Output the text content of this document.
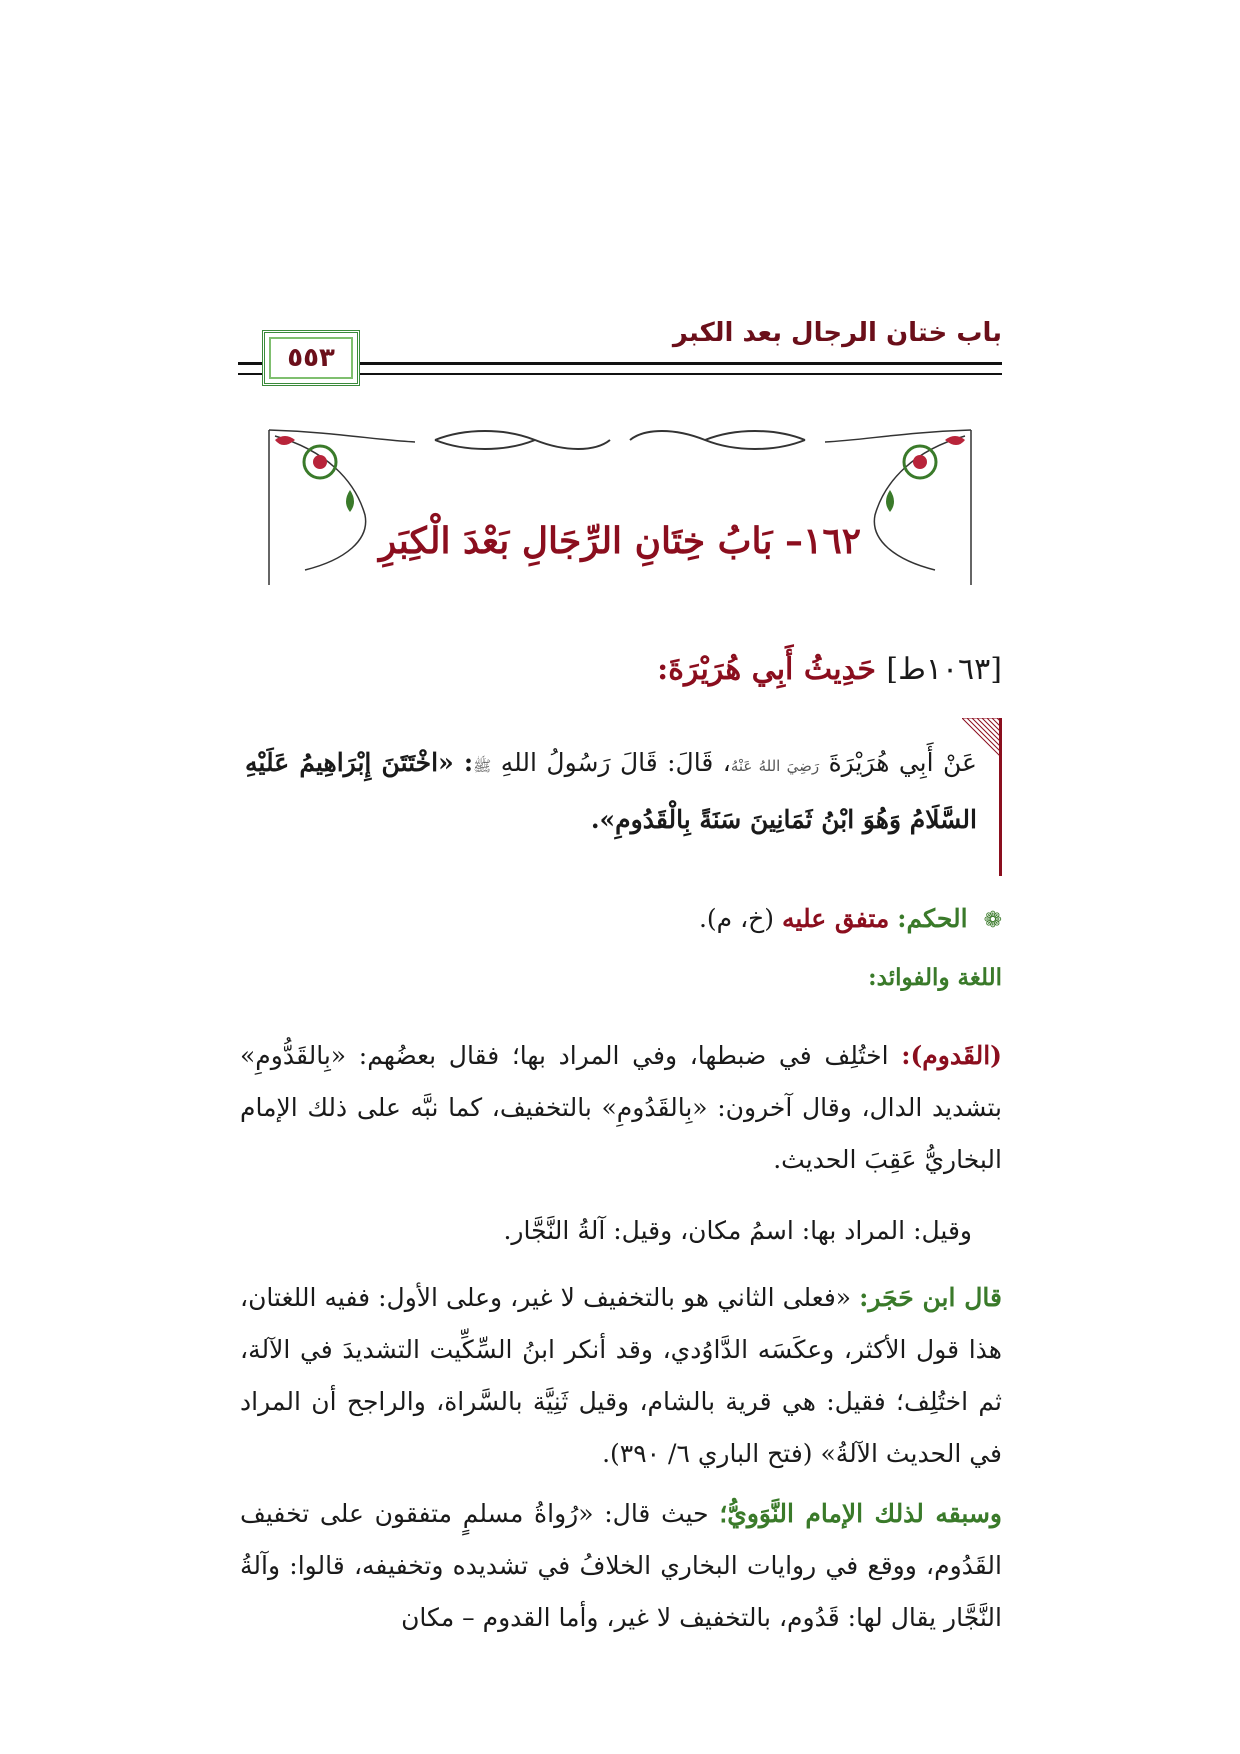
باب ختان الرجال بعد الكبر
٥٥٣
١٦٢– بَابُ خِتَانِ الرِّجَالِ بَعْدَ الْكِبَرِ
[١٠٦٣ط] حَدِيثُ أَبِي هُرَيْرَةَ:
عَنْ أَبِي هُرَيْرَةَ رَضِيَ اللهُ عَنْهُ، قَالَ: قَالَ رَسُولُ اللهِ ﷺ: «اخْتَتَنَ إِبْرَاهِيمُ عَلَيْهِ السَّلَامُ وَهُوَ ابْنُ ثَمَانِينَ سَنَةً بِالْقَدُومِ».
❁ الحكم: متفق عليه (خ، م).
اللغة والفوائد:
(القَدوم): اختُلِف في ضبطها، وفي المراد بها؛ فقال بعضُهم: «بِالقَدُّومِ» بتشديد الدال، وقال آخرون: «بِالقَدُومِ» بالتخفيف، كما نبَّه على ذلك الإمام البخاريُّ عَقِبَ الحديث.
وقيل: المراد بها: اسمُ مكان، وقيل: آلةُ النَّجَّار.
قال ابن حَجَر: «فعلى الثاني هو بالتخفيف لا غير، وعلى الأول: ففيه اللغتان، هذا قول الأكثر، وعكَسَه الدَّاوُدي، وقد أنكر ابنُ السِّكِّيت التشديدَ في الآلة، ثم اختُلِف؛ فقيل: هي قرية بالشام، وقيل ثَنِيَّة بالسَّراة، والراجح أن المراد في الحديث الآلةُ» (فتح الباري ٦/ ٣٩٠).
وسبقه لذلك الإمام النَّوَويُّ؛ حيث قال: «رُواةُ مسلمٍ متفقون على تخفيف القَدُوم، ووقع في روايات البخاري الخلافُ في تشديده وتخفيفه، قالوا: وآلةُ النَّجَّار يقال لها: قَدُوم، بالتخفيف لا غير، وأما القدوم – مكان
